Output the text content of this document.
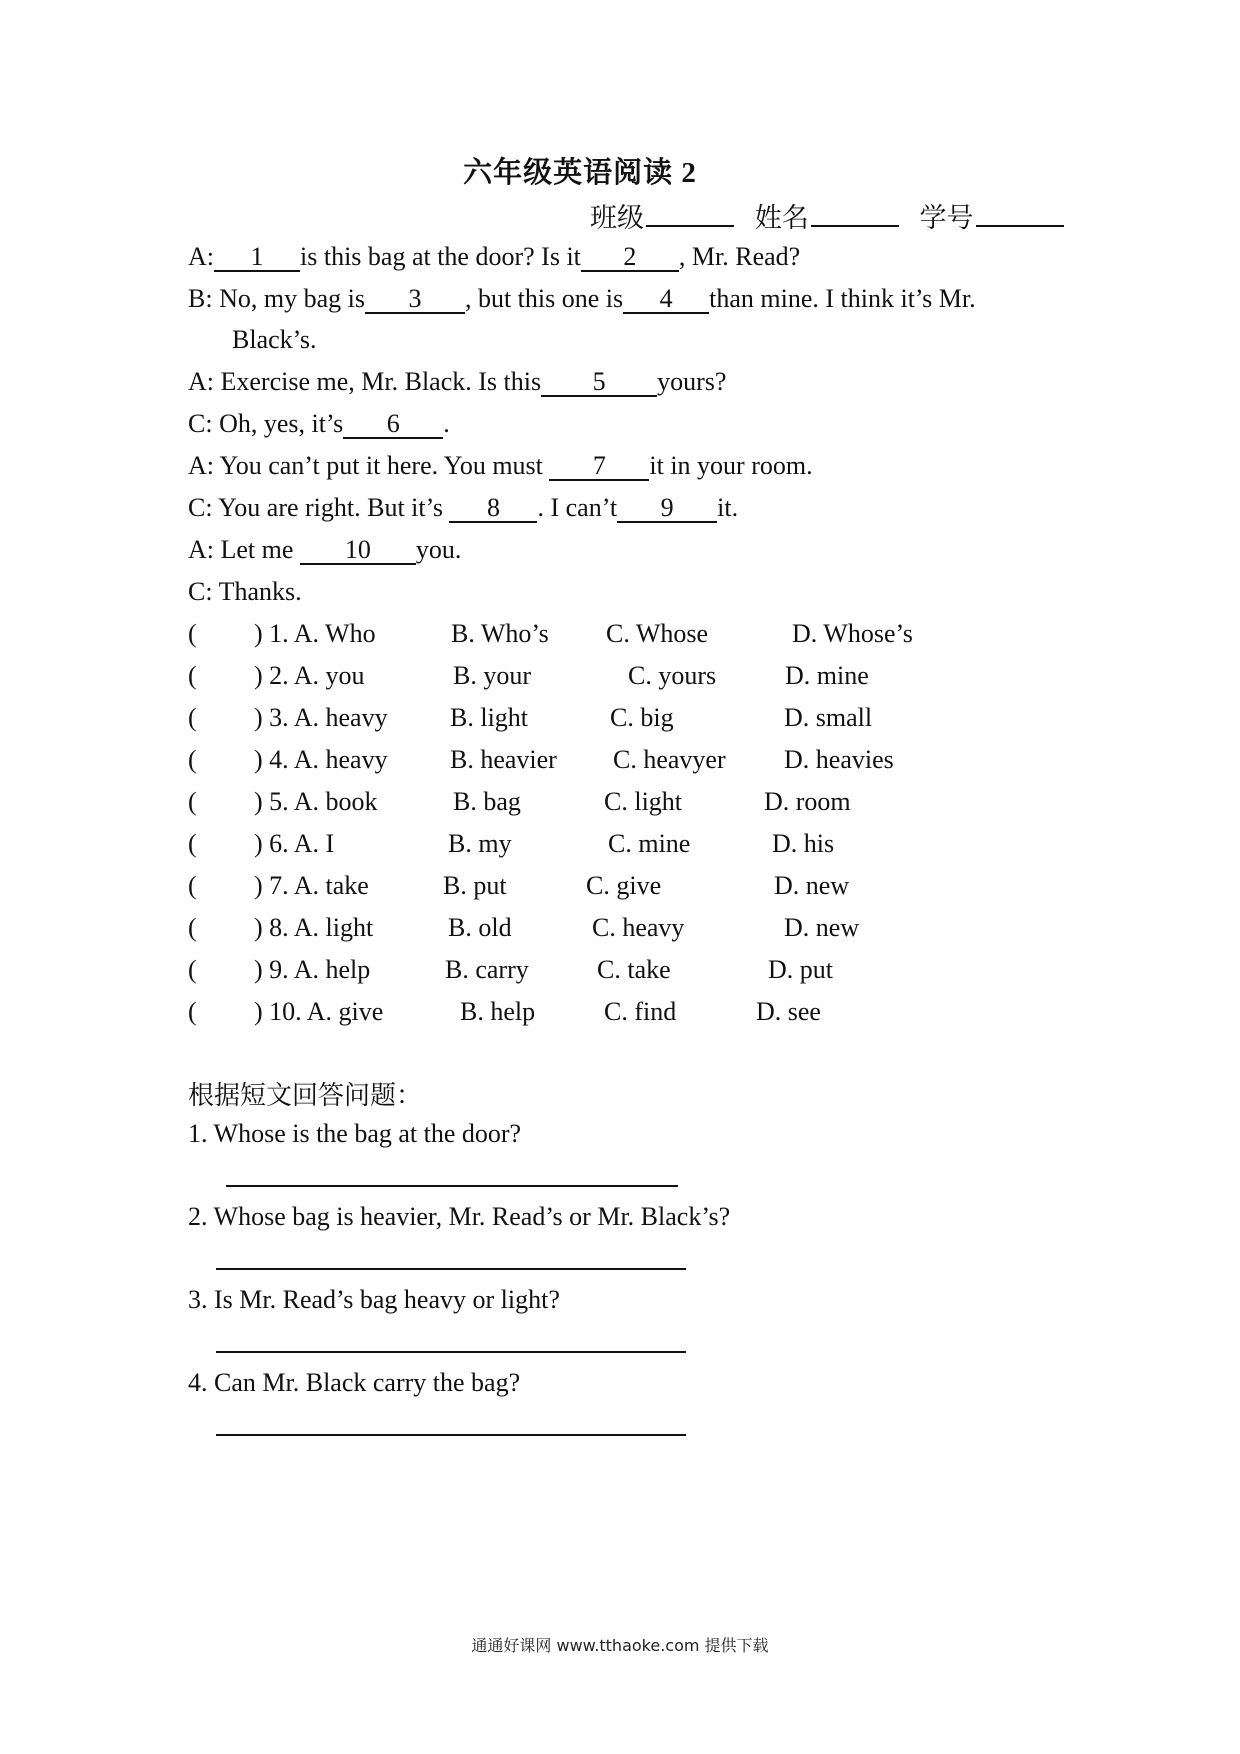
六年级英语阅读 2
班级	姓名	学号
A: 1 is this bag at the door? Is it 2 , Mr. Read?
B: No, my bag is 3 , but this one is 4 than mine. I think it’s Mr.
Black’s.
A: Exercise me, Mr. Black. Is this 5 yours?
C: Oh, yes, it’s 6 .
A: You can’t put it here. You must 7 it in your room.
C: You are right. But it’s 8 . I can’t 9 it.
A: Let me 10 you.
C: Thanks.
( ) 1. A. Who	B. Who’s C. Whose	D. Whose’s
( ) 2. A. you	B. your	C. yours	D. mine
( ) 3. A. heavy B. light	C. big	D. small
( ) 4. A. heavy B. heavier C. heavyer D. heavies
( ) 5. A. book	B. bag	C. light	D. room
( ) 6. A. I	B. my	C. mine	D. his
( ) 7. A. take	B. put	C. give	D. new
( ) 8. A. light	B. old	C. heavy	D. new
( ) 9. A. help	B. carry	C. take	D. put
( ) 10. A. give	B. help	C. find	D. see
根据短文回答问题：
1. Whose is the bag at the door?
2. Whose bag is heavier, Mr. Read’s or Mr. Black’s?
3. Is Mr. Read’s bag heavy or light?
4. Can Mr. Black carry the bag?
通通好课网 www.tthaoke.com 提供下载
